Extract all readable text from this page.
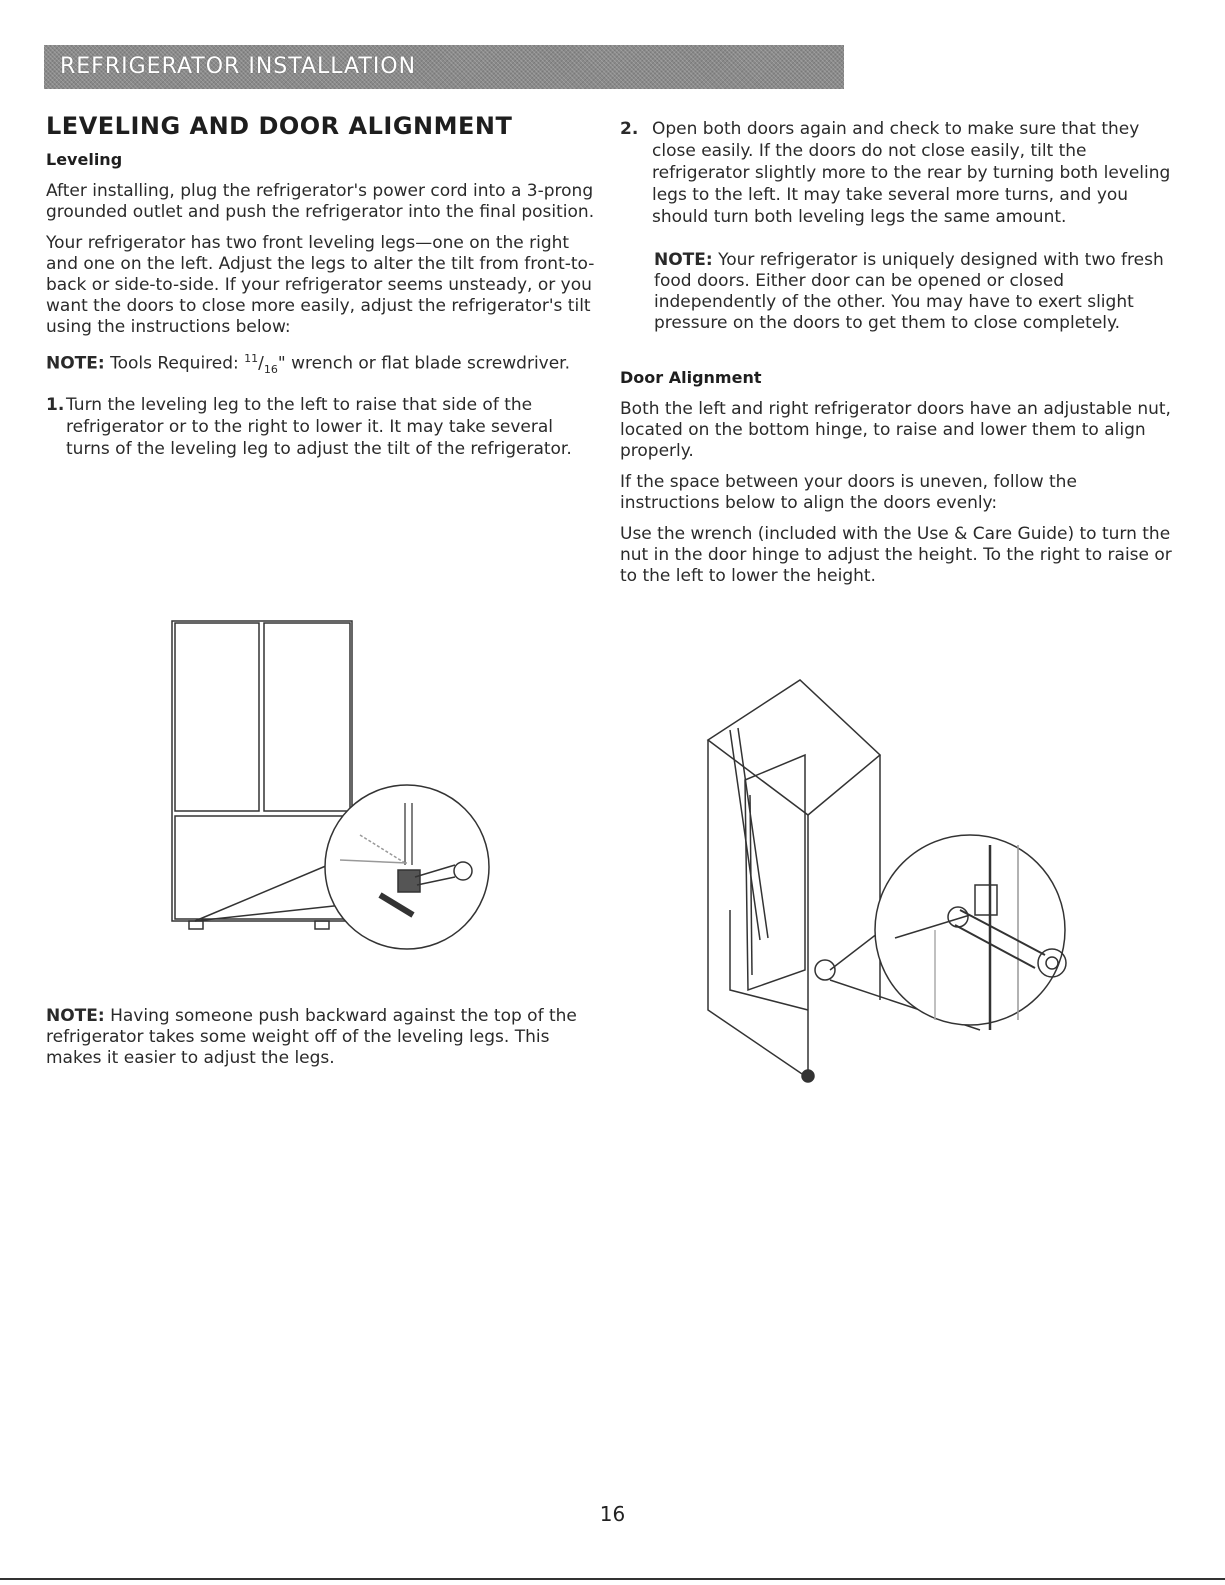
REFRIGERATOR INSTALLATION
LEVELING AND DOOR ALIGNMENT
Leveling

After installing, plug the refrigerator's power cord into a 3-prong grounded outlet and push the refrigerator into the final position.

Your refrigerator has two front leveling legs—one on the right and one on the left. Adjust the legs to alter the tilt from front-to-back or side-to-side. If your refrigerator seems unsteady, or you want the doors to close more easily, adjust the refrigerator's tilt using the instructions below:

NOTE: Tools Required: $^{11}/_{16}$" wrench or flat blade screwdriver.

1. Turn the leveling leg to the left to raise that side of the refrigerator or to the right to lower it. It may take several turns of the leveling leg to adjust the tilt of the refrigerator.

NOTE: Having someone push backward against the top of the refrigerator takes some weight off of the leveling legs. This makes it easier to adjust the legs.

2. Open both doors again and check to make sure that they close easily. If the doors do not close easily, tilt the refrigerator slightly more to the rear by turning both leveling legs to the left. It may take several more turns, and you should turn both leveling legs the same amount.

NOTE: Your refrigerator is uniquely designed with two fresh food doors. Either door can be opened or closed independently of the other. You may have to exert slight pressure on the doors to get them to close completely.

Door Alignment

Both the left and right refrigerator doors have an adjustable nut, located on the bottom hinge, to raise and lower them to align properly.

If the space between your doors is uneven, follow the instructions below to align the doors evenly:

Use the wrench (included with the Use & Care Guide) to turn the nut in the door hinge to adjust the height. To the right to raise or to the left to lower the height.

16
